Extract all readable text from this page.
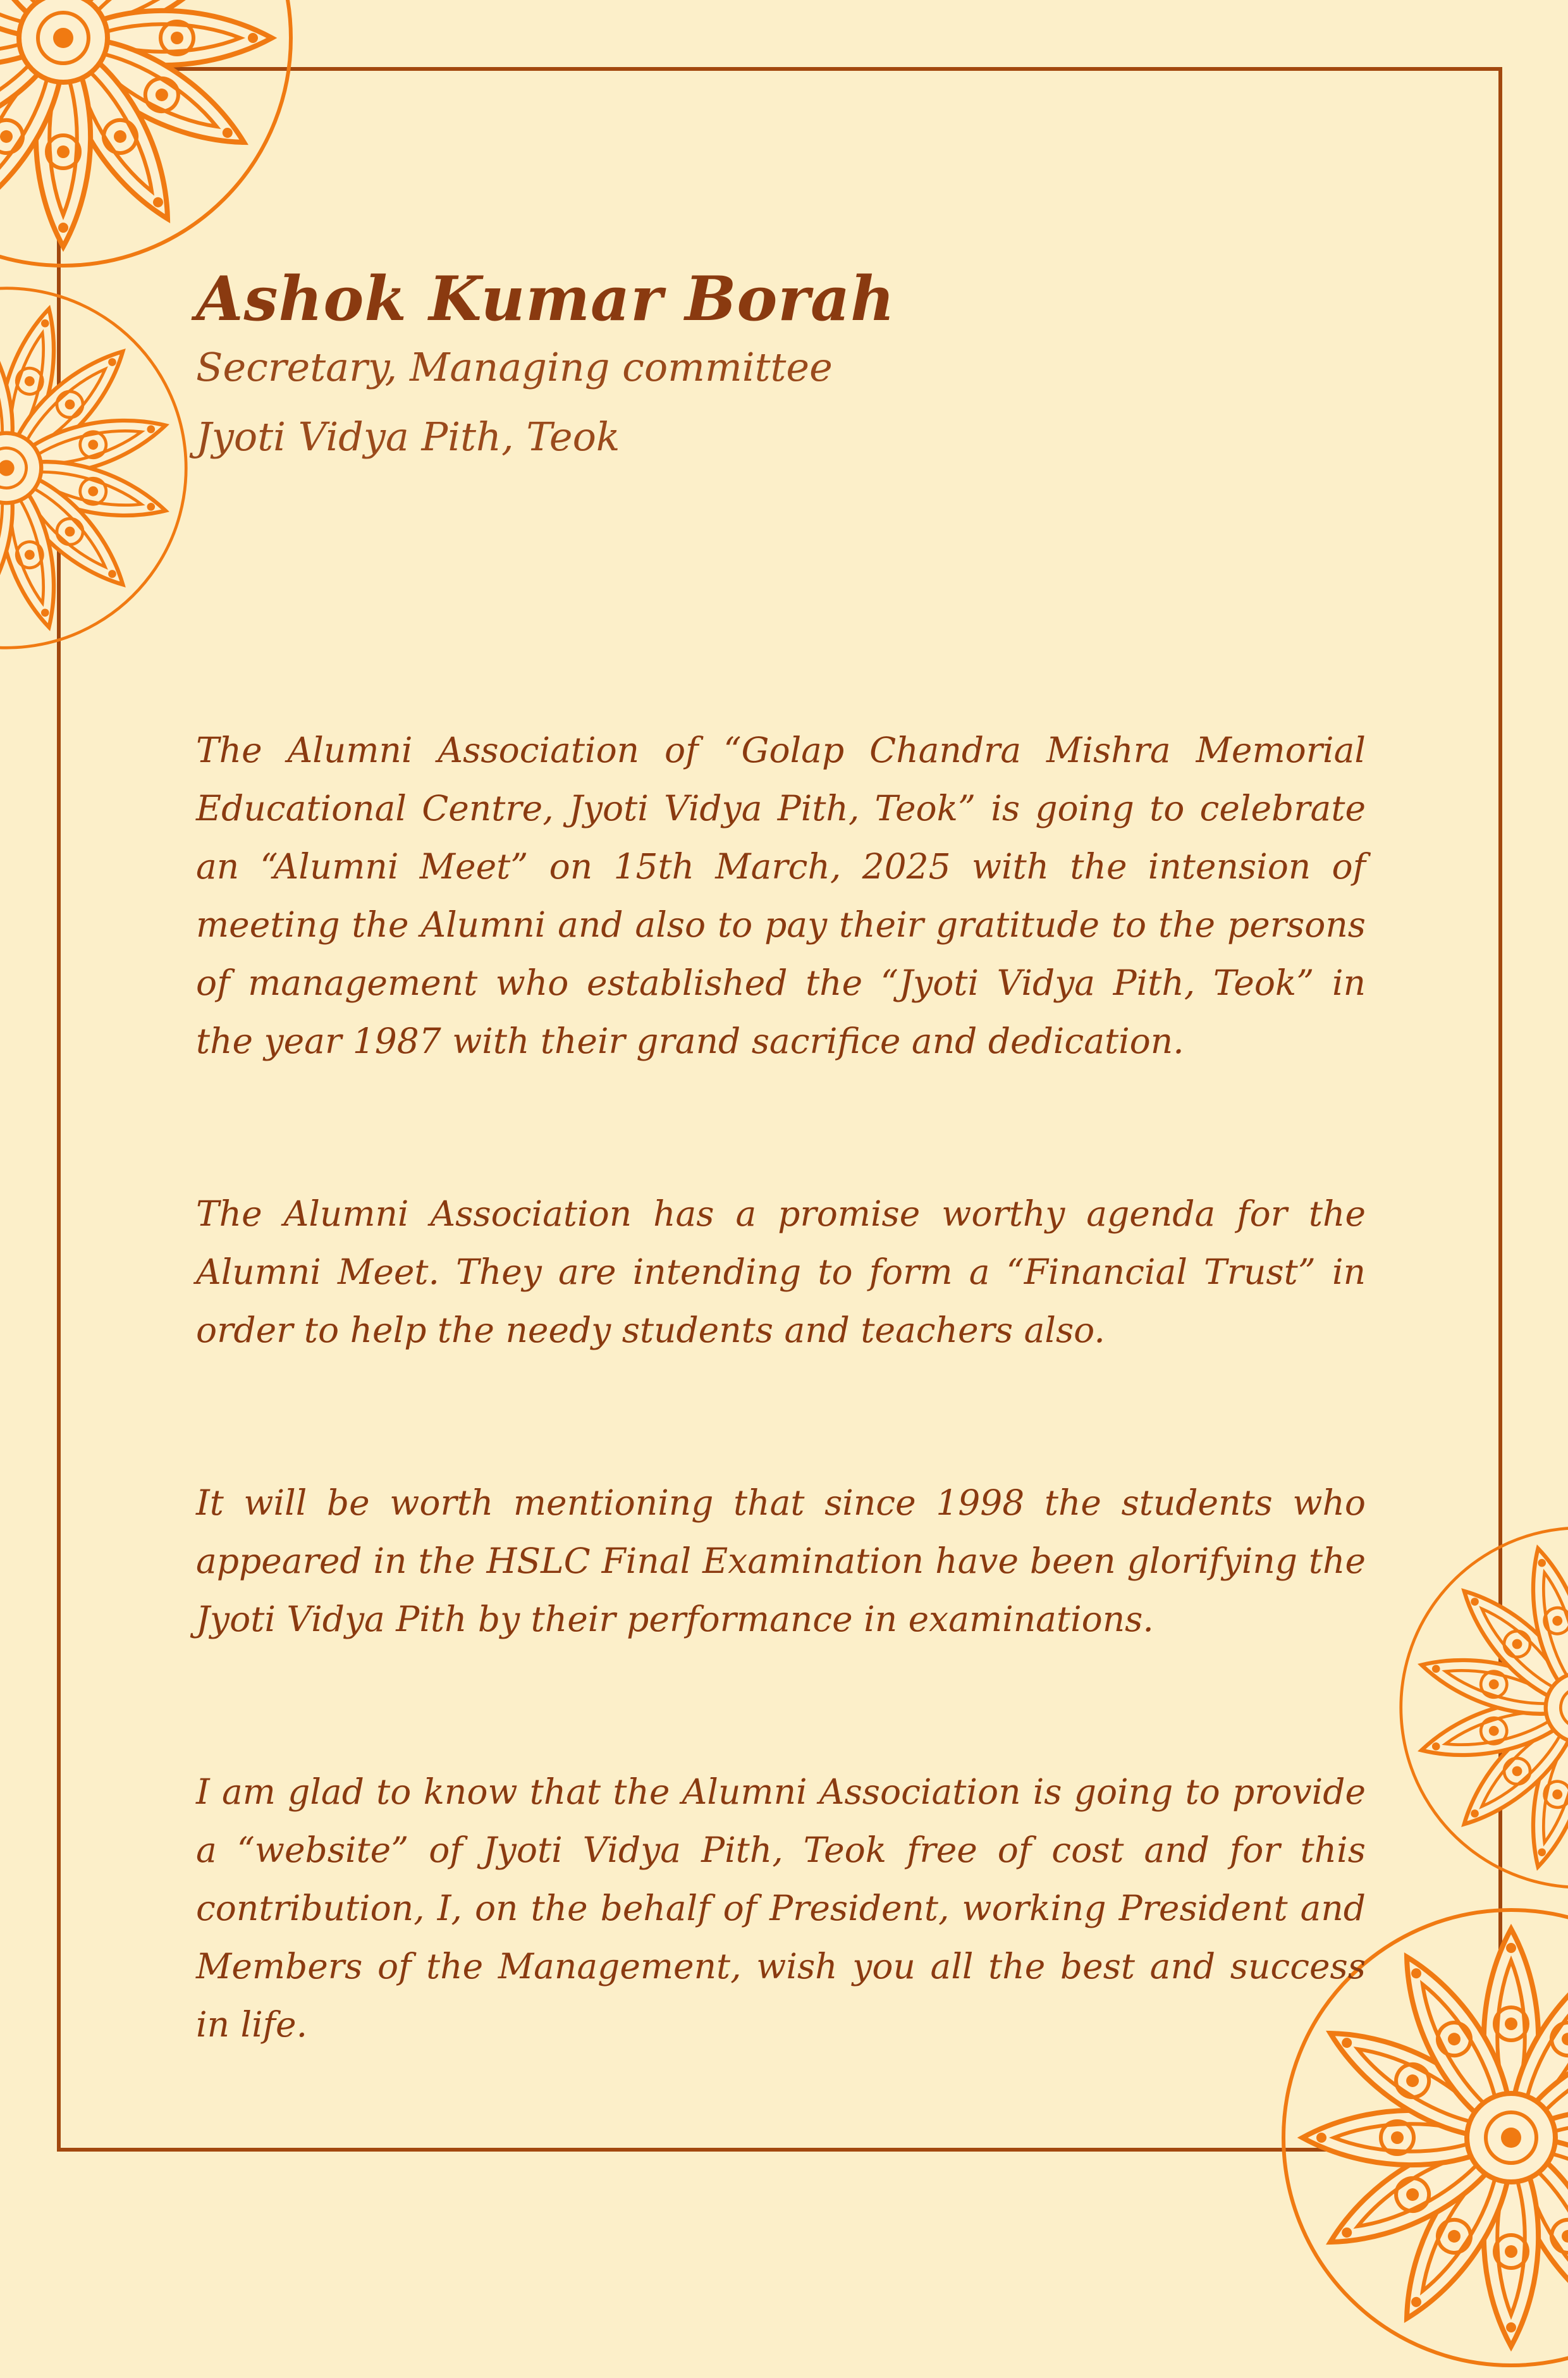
Ashok Kumar Borah

Secretary, Managing committee

Jyoti Vidya Pith, Teok

The Alumni Association of “Golap Chandra Mishra Memorial Educational Centre, Jyoti Vidya Pith, Teok” is going to celebrate an “Alumni Meet” on 15th March, 2025 with the intension of meeting the Alumni and also to pay their gratitude to the persons of management who established the “Jyoti Vidya Pith, Teok” in the year 1987 with their grand sacrifice and dedication.

The Alumni Association has a promise worthy agenda for the Alumni Meet. They are intending to form a “Financial Trust” in order to help the needy students and teachers also.

It will be worth mentioning that since 1998 the students who appeared in the HSLC Final Examination have been glorifying the Jyoti Vidya Pith by their performance in examinations.

I am glad to know that the Alumni Association is going to provide a “website” of Jyoti Vidya Pith, Teok free of cost and for this contribution, I, on the behalf of President, working President and Members of the Management, wish you all the best and success in life.
